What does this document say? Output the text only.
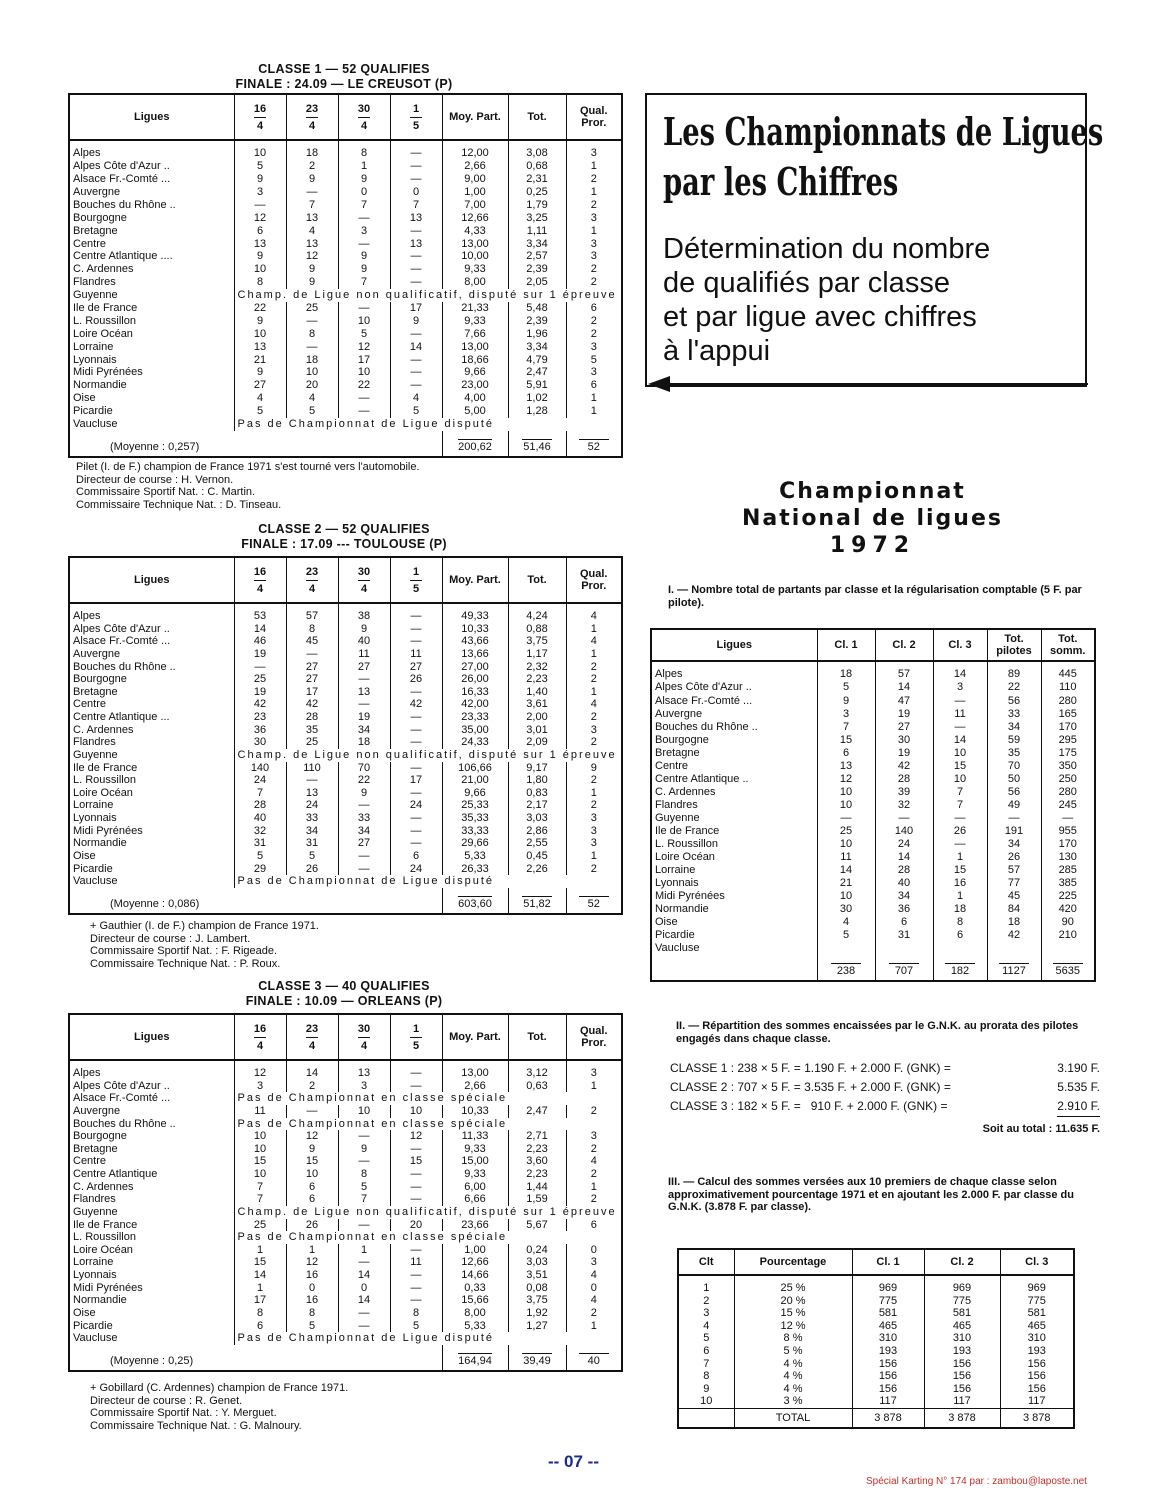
CLASSE 1 — 52 QUALIFIES
FINALE : 24.09 — LE CREUSOT (P)
Ligues	$\frac{16}{4}$	$\frac{23}{4}$	$\frac{30}{4}$	$\frac{1}{5}$	Moy. Part.	Tot.	Qual. Pror.
Alpes	10	18	8	—	12,00	3,08	3
Alpes Côte d'Azur ..	5	2	1	—	2,66	0,68	1
Alsace Fr.-Comté ...	9	9	9	—	9,00	2,31	2
Auvergne	3	—	0	0	1,00	0,25	1
Bouches du Rhône ..	—	7	7	7	7,00	1,79	2
Bourgogne	12	13	—	13	12,66	3,25	3
Bretagne	6	4	3	—	4,33	1,11	1
Centre	13	13	—	13	13,00	3,34	3
Centre Atlantique ....	9	12	9	—	10,00	2,57	3
C. Ardennes	10	9	9	—	9,33	2,39	2
Flandres	8	9	7	—	8,00	2,05	2
Guyenne	Champ. de Ligue non qualificatif, disputé sur 1 épreuve						
Ile de France	22	25	—	17	21,33	5,48	6
L. Roussillon	9	—	10	9	9,33	2,39	2
Loire Océan	10	8	5	—	7,66	1,96	2
Lorraine	13	—	12	14	13,00	3,34	3
Lyonnais	21	18	17	—	18,66	4,79	5
Midi Pyrénées	9	10	10	—	9,66	2,47	3
Normandie	27	20	22	—	23,00	5,91	6
Oise	4	4	—	4	4,00	1,02	1
Picardie	5	5	—	5	5,00	1,28	1
Vaucluse	Pas de Championnat de Ligue disputé						
(Moyenne : 0,257)					200,62	51,46	52
Pilet (I. de F.) champion de France 1971 s'est tourné vers l'automobile.
Directeur de course : H. Vernon.
Commissaire Sportif Nat. : C. Martin.
Commissaire Technique Nat. : D. Tinseau.
CLASSE 2 — 52 QUALIFIES
FINALE : 17.09 --- TOULOUSE (P)
Ligues	$\frac{16}{4}$	$\frac{23}{4}$	$\frac{30}{4}$	$\frac{1}{5}$	Moy. Part.	Tot.	Qual. Pror.
Alpes	53	57	38	—	49,33	4,24	4
Alpes Côte d'Azur ..	14	8	9	—	10,33	0,88	1
Alsace Fr.-Comté ...	46	45	40	—	43,66	3,75	4
Auvergne	19	—	11	11	13,66	1,17	1
Bouches du Rhône ..	—	27	27	27	27,00	2,32	2
Bourgogne	25	27	—	26	26,00	2,23	2
Bretagne	19	17	13	—	16,33	1,40	1
Centre	42	42	—	42	42,00	3,61	4
Centre Atlantique ...	23	28	19	—	23,33	2,00	2
C. Ardennes	36	35	34	—	35,00	3,01	3
Flandres	30	25	18	—	24,33	2,09	2
Guyenne	Champ. de Ligue non qualificatif, disputé sur 1 épreuve						
Ile de France	140	110	70	—	106,66	9,17	9
L. Roussillon	24	—	22	17	21,00	1,80	2
Loire Océan	7	13	9	—	9,66	0,83	1
Lorraine	28	24	—	24	25,33	2,17	2
Lyonnais	40	33	33	—	35,33	3,03	3
Midi Pyrénées	32	34	34	—	33,33	2,86	3
Normandie	31	31	27	—	29,66	2,55	3
Oise	5	5	—	6	5,33	0,45	1
Picardie	29	26	—	24	26,33	2,26	2
Vaucluse	Pas de Championnat de Ligue disputé						
(Moyenne : 0,086)					603,60	51,82	52
+ Gauthier (I. de F.) champion de France 1971.
Directeur de course : J. Lambert.
Commissaire Sportif Nat. : F. Rigeade.
Commissaire Technique Nat. : P. Roux.
CLASSE 3 — 40 QUALIFIES
FINALE : 10.09 — ORLEANS (P)
Ligues	$\frac{16}{4}$	$\frac{23}{4}$	$\frac{30}{4}$	$\frac{1}{5}$	Moy. Part.	Tot.	Qual. Pror.
Alpes	12	14	13	—	13,00	3,12	3
Alpes Côte d'Azur ..	3	2	3	—	2,66	0,63	1
Alsace Fr.-Comté ...	Pas de Championnat en classe spéciale						
Auvergne	11	—	10	10	10,33	2,47	2
Bouches du Rhône ..	Pas de Championnat en classe spéciale						
Bourgogne	10	12	—	12	11,33	2,71	3
Bretagne	10	9	9	—	9,33	2,23	2
Centre	15	15	—	15	15,00	3,60	4
Centre Atlantique	10	10	8	—	9,33	2,23	2
C. Ardennes	7	6	5	—	6,00	1,44	1
Flandres	7	6	7	—	6,66	1,59	2
Guyenne	Champ. de Ligue non qualificatif, disputé sur 1 épreuve						
Ile de France	25	26	—	20	23,66	5,67	6
L. Roussillon	Pas de Championnat en classe spéciale						
Loire Océan	1	1	1	—	1,00	0,24	0
Lorraine	15	12	—	11	12,66	3,03	3
Lyonnais	14	16	14	—	14,66	3,51	4
Midi Pyrénées	1	0	0	—	0,33	0,08	0
Normandie	17	16	14	—	15,66	3,75	4
Oise	8	8	—	8	8,00	1,92	2
Picardie	6	5	—	5	5,33	1,27	1
Vaucluse	Pas de Championnat de Ligue disputé						
(Moyenne : 0,25)					164,94	39,49	40
+ Gobillard (C. Ardennes) champion de France 1971.
Directeur de course : R. Genet.
Commissaire Sportif Nat. : Y. Merguet.
Commissaire Technique Nat. : G. Malnoury.
Les Championnats de Ligues
par les Chiffres
Détermination du nombre
de qualifiés par classe
et par ligue avec chiffres
à l'appui
Championnat
National de ligues
1972
I. — Nombre total de partants par classe et la régularisation comptable (5 F. par pilote).
Ligues	Cl. 1	Cl. 2	Cl. 3	Tot. pilotes	Tot. somm.
Alpes	18	57	14	89	445
Alpes Côte d'Azur ..	5	14	3	22	110
Alsace Fr.-Comté ...	9	47	—	56	280
Auvergne	3	19	11	33	165
Bouches du Rhône ..	7	27	—	34	170
Bourgogne	15	30	14	59	295
Bretagne	6	19	10	35	175
Centre	13	42	15	70	350
Centre Atlantique ..	12	28	10	50	250
C. Ardennes	10	39	7	56	280
Flandres	10	32	7	49	245
Guyenne	—	—	—	—	—
Ile de France	25	140	26	191	955
L. Roussillon	10	24	—	34	170
Loire Océan	11	14	1	26	130
Lorraine	14	28	15	57	285
Lyonnais	21	40	16	77	385
Midi Pyrénées	10	34	1	45	225
Normandie	30	36	18	84	420
Oise	4	6	8	18	90
Picardie	5	31	6	42	210
Vaucluse					
	238	707	182	1127	5635
II. — Répartition des sommes encaissées par le G.N.K. au prorata des pilotes engagés dans chaque classe.
CLASSE 1 : 238 × 5 F. = 1.190 F. + 2.000 F. (GNK) =	3.190 F.
CLASSE 2 : 707 × 5 F. = 3.535 F. + 2.000 F. (GNK) =	5.535 F.
CLASSE 3 : 182 × 5 F. =   910 F. + 2.000 F. (GNK) =	2.910 F.
Soit au total : 11.635 F.
III. — Calcul des sommes versées aux 10 premiers de chaque classe selon approximativement pourcentage 1971 et en ajoutant les 2.000 F. par classe du G.N.K. (3.878 F. par classe).
Clt	Pourcentage	Cl. 1	Cl. 2	Cl. 3
1	25 %	969	969	969
2	20 %	775	775	775
3	15 %	581	581	581
4	12 %	465	465	465
5	8 %	310	310	310
6	5 %	193	193	193
7	4 %	156	156	156
8	4 %	156	156	156
9	4 %	156	156	156
10	3 %	117	117	117
	TOTAL	3 878	3 878	3 878
-- 07 --
Spécial Karting N° 174 par : zambou@laposte.net
